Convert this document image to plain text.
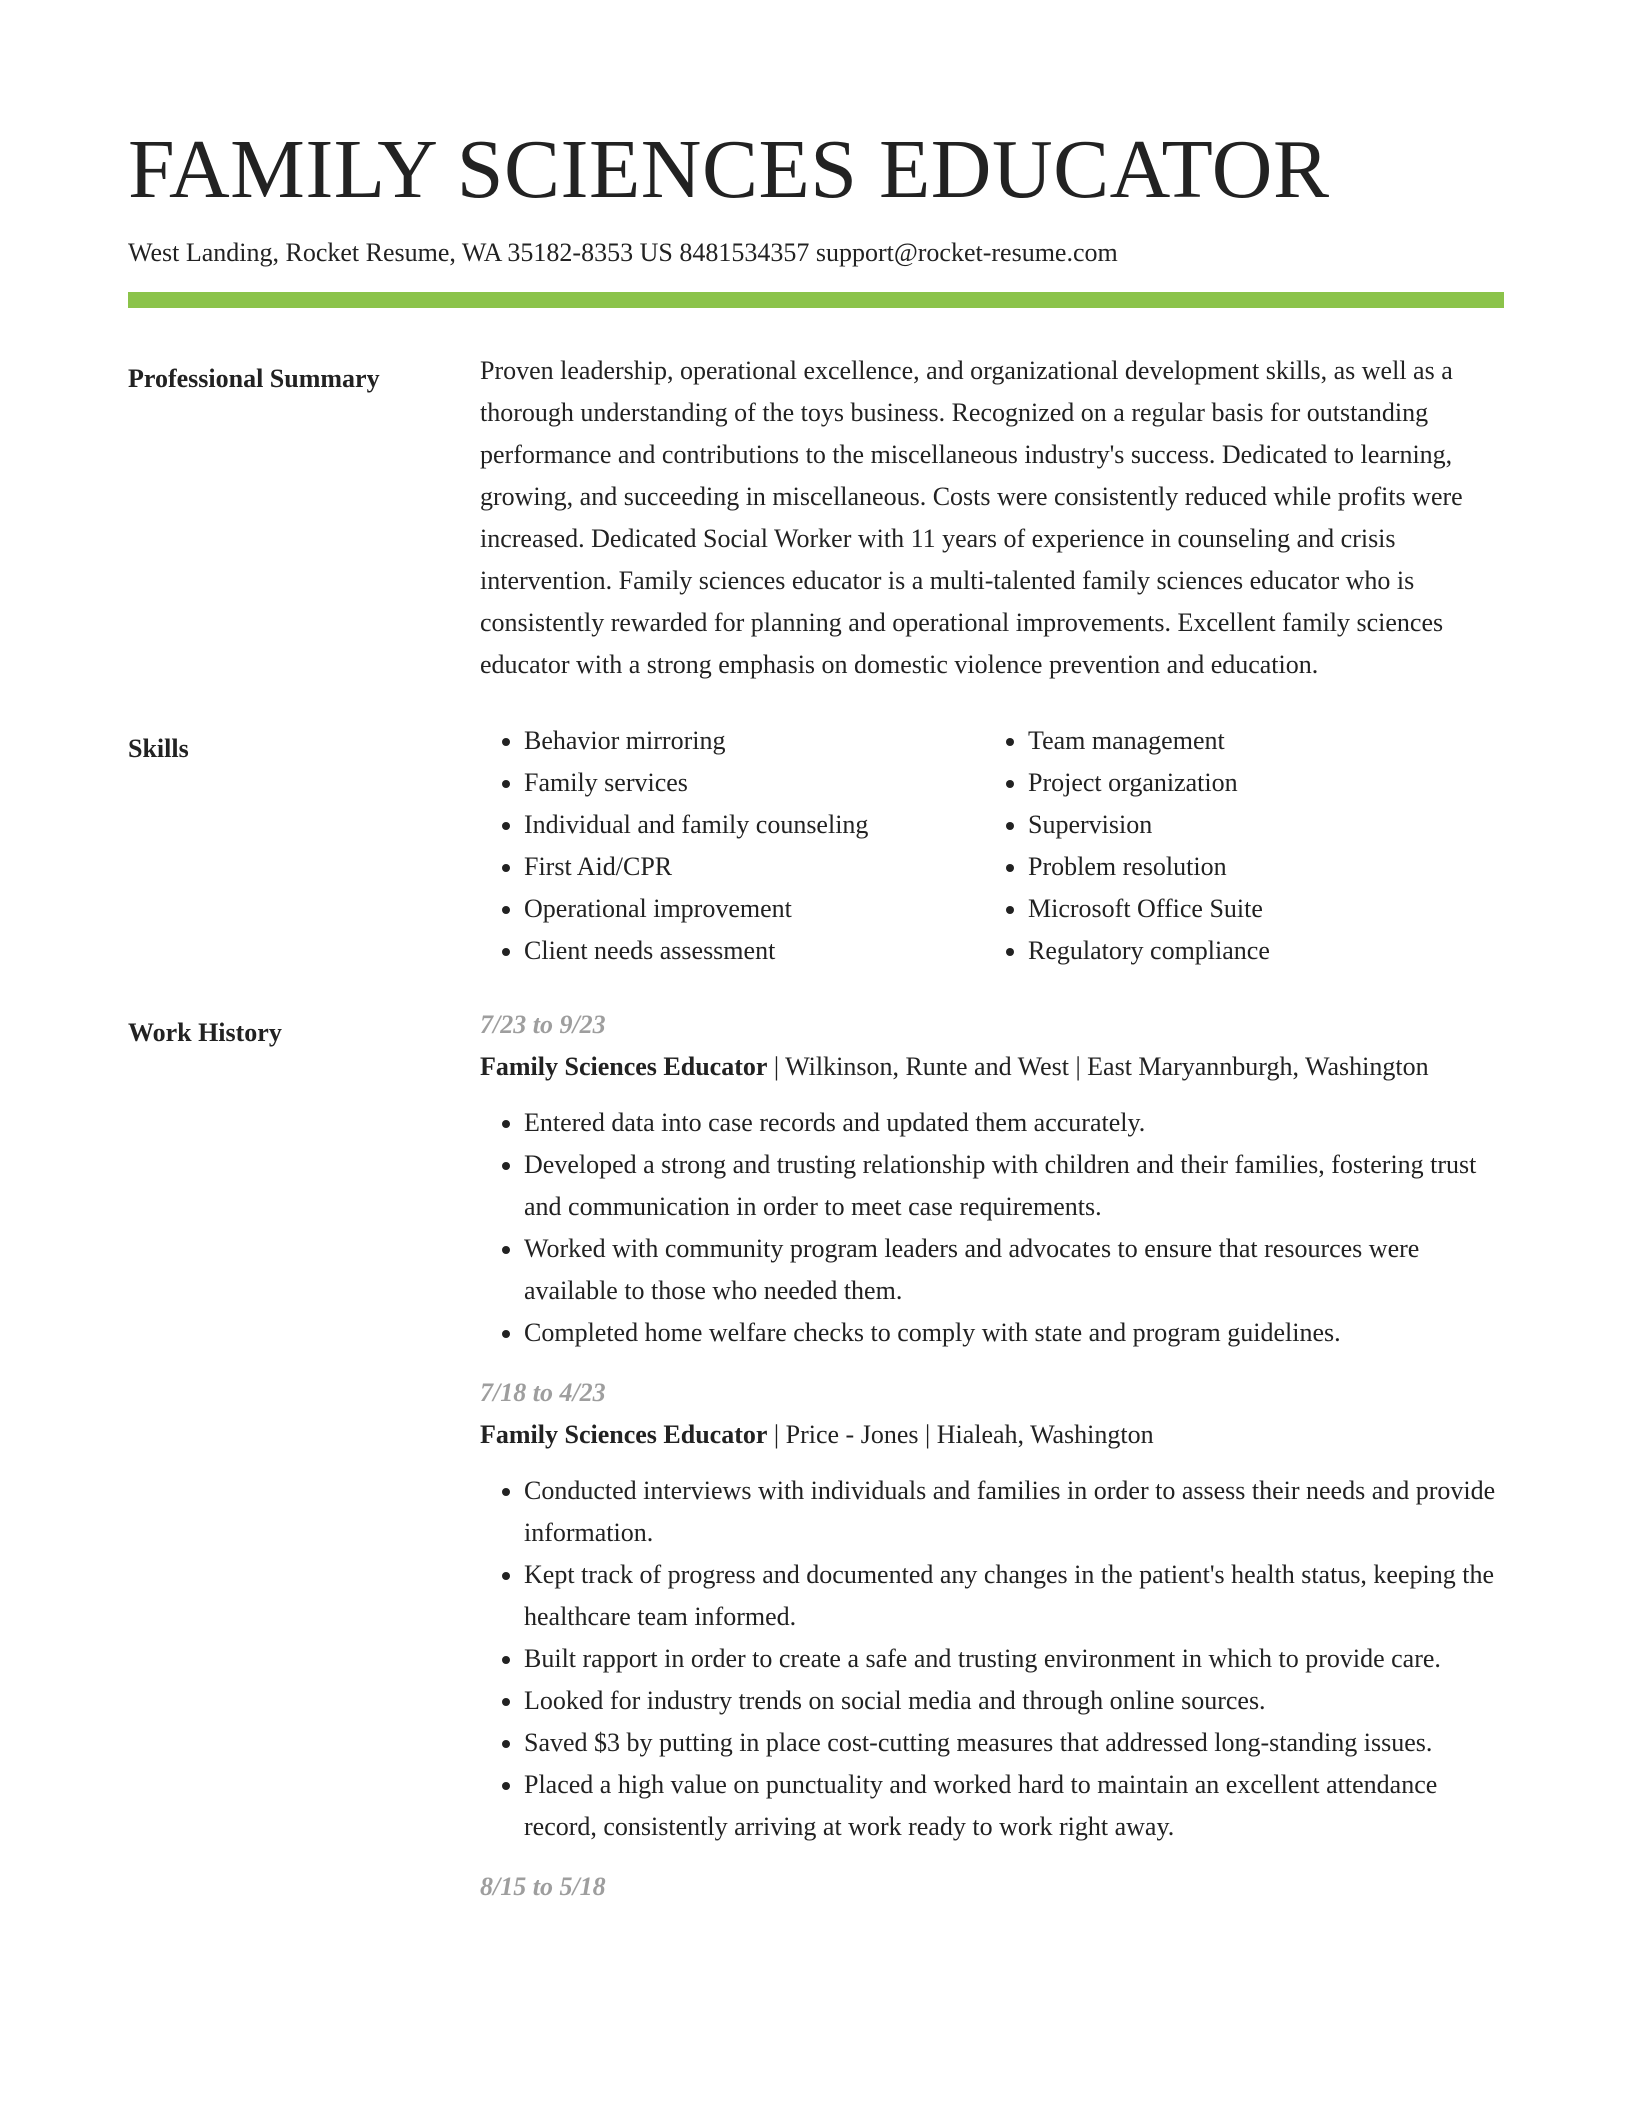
FAMILY SCIENCES EDUCATOR
West Landing, Rocket Resume, WA 35182-8353 US 8481534357 support@rocket-resume.com
Professional Summary	Proven leadership, operational excellence, and organizational development skills, as well as a thorough understanding of the toys business. Recognized on a regular basis for outstanding performance and contributions to the miscellaneous industry's success. Dedicated to learning, growing, and succeeding in miscellaneous. Costs were consistently reduced while profits were increased. Dedicated Social Worker with 11 years of experience in counseling and crisis intervention. Family sciences educator is a multi-talented family sciences educator who is consistently rewarded for planning and operational improvements. Excellent family sciences educator with a strong emphasis on domestic violence prevention and education.
Skills
•	Behavior mirroring
• Family services
• Individual and family counseling
• First Aid/CPR
• Operational improvement
• Client needs assessment
• Team management
• Project organization
• Supervision
• Problem resolution
• Microsoft Office Suite
• Regulatory compliance
Work History	7/23 to 9/23
Family Sciences Educator | Wilkinson, Runte and West | East Maryannburgh, Washington
• Entered data into case records and updated them accurately.
• Developed a strong and trusting relationship with children and their families, fostering trust and communication in order to meet case requirements.
• Worked with community program leaders and advocates to ensure that resources were available to those who needed them.
• Completed home welfare checks to comply with state and program guidelines.
7/18 to 4/23
Family Sciences Educator | Price - Jones | Hialeah, Washington
• Conducted interviews with individuals and families in order to assess their needs and provide information.
• Kept track of progress and documented any changes in the patient's health status, keeping the healthcare team informed.
• Built rapport in order to create a safe and trusting environment in which to provide care.
• Looked for industry trends on social media and through online sources.
• Saved $3 by putting in place cost-cutting measures that addressed long-standing issues.
• Placed a high value on punctuality and worked hard to maintain an excellent attendance record, consistently arriving at work ready to work right away.
8/15 to 5/18
